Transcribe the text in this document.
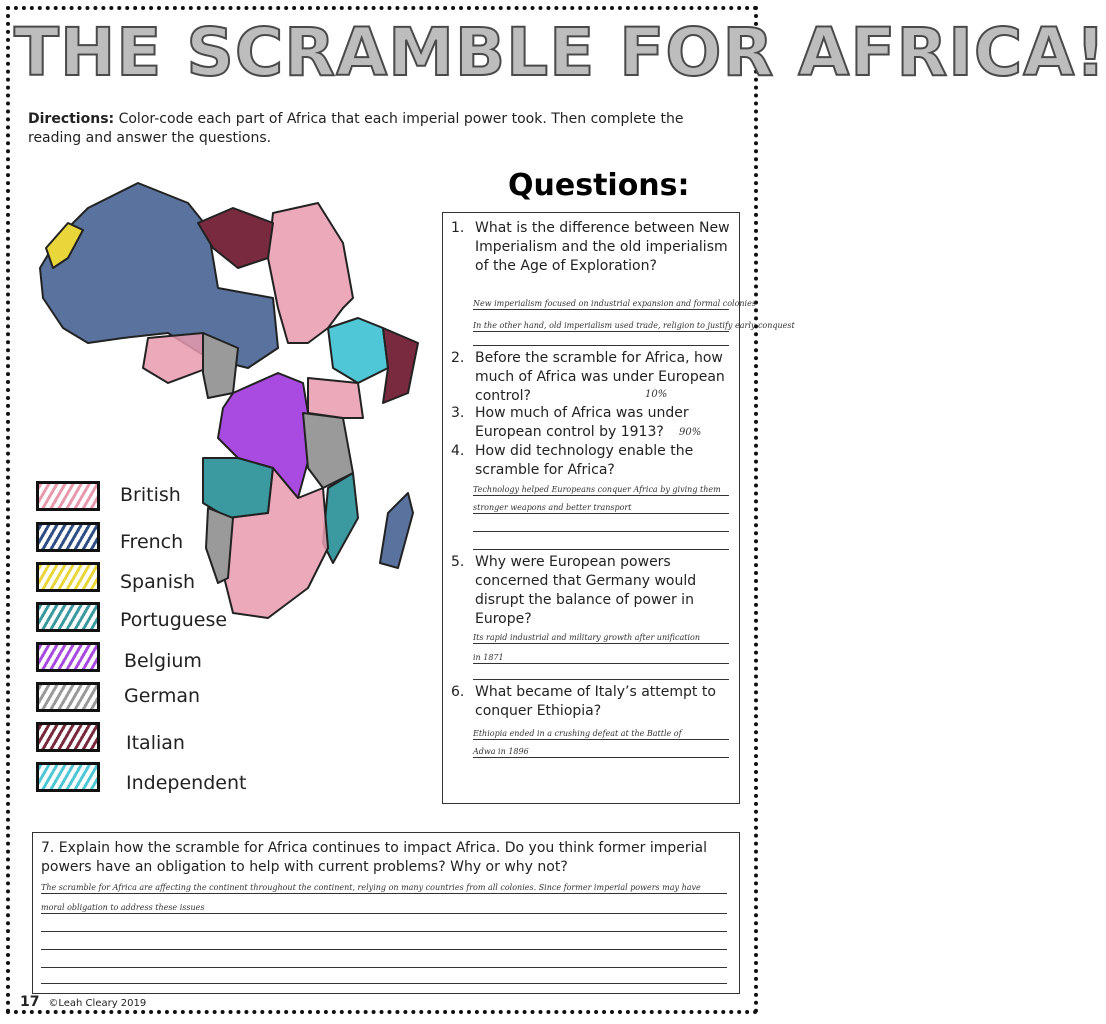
THE SCRAMBLE FOR AFRICA!
Directions: Color-code each part of Africa that each imperial power took. Then complete the reading and answer the questions.
British
French
Spanish
Portuguese
Belgium
German
Italian
Independent
Questions:
1. What is the difference between New Imperialism and the old imperialism of the Age of Exploration?
New imperialism focused on industrial expansion and formal colonies
In the other hand, old imperialism used trade, religion to justify early conquest
2. Before the scramble for Africa, how much of Africa was under European control?	10%
3. How much of Africa was under European control by 1913?	90%
4. How did technology enable the scramble for Africa?
Technology helped Europeans conquer Africa by giving them
stronger weapons and better transport
5. Why were European powers concerned that Germany would disrupt the balance of power in Europe?
Its rapid industrial and military growth after unification
in 1871
6. What became of Italy’s attempt to conquer Ethiopia?
Ethiopia ended in a crushing defeat at the Battle of
Adwa in 1896
7. Explain how the scramble for Africa continues to impact Africa. Do you think former imperial powers have an obligation to help with current problems? Why or why not?
The scramble for Africa are affecting the continent throughout the continent, relying on many countries from all colonies. Since former imperial powers may have
moral obligation to address these issues
17 ©Leah Cleary 2019
